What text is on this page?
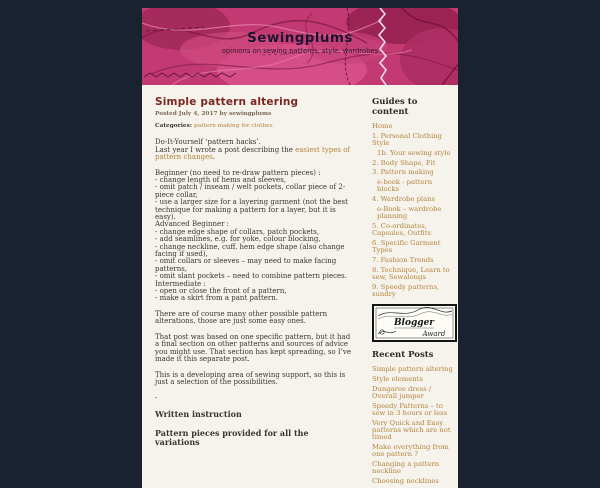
Sewingplums
opinions on sewing patterns, style, wardrobes
Simple pattern altering
Posted July 4, 2017 by sewingplums
Categories: pattern making for clothes

Do-It-Yourself ‘pattern hacks’.
Last year I wrote a post describing the easiest types of pattern changes.

Beginner (no need to re-draw pattern pieces) :
- change length of hems and sleeves,
- omit patch / inseam / welt pockets, collar piece of 2-piece collar,
- use a larger size for a layering garment (not the best technique for making a pattern for a layer, but it is easy).
Advanced Beginner :
- change edge shape of collars, patch pockets,
- add seamlines, e.g. for yoke, colour blocking,
- change neckline, cuff, hem edge shape (also change facing if used),
- omit collars or sleeves – may need to make facing patterns,
- omit slant pockets – need to combine pattern pieces.
Intermediate :
- open or close the front of a pattern,
- make a skirt from a pant pattern.

There are of course many other possible pattern alterations, those are just some easy ones.

That post was based on one specific pattern, but it had a final section on other patterns and sources of advice you might use. That section has kept spreading, so I’ve made it this separate post.

This is a developing area of sewing support, so this is just a selection of the possibilities.

-

Written instruction
Pattern pieces provided for all the variations
Guides to content
Home
1. Personal Clothing Style
1b. Your sewing style
2. Body Shape, Fit
3. Pattern making
e-book - pattern blocks
4. Wardrobe plans
e-Book – wardrobe planning
5. Co-ordinates, Capsules, Outfits
6. Specific Garment Types
7. Fashion Trends
8. Technique, Learn to sew, Sewalongs
9. Speedy patterns, sundry
Blogger
Award
Recent Posts
Simple pattern altering
Style elements
Dungaree dress / Overall jumper
Speedy Patterns – to sew in 3 hours or less
Very Quick and Easy patterns which are not timed
Make everything from one pattern ?
Changing a pattern neckline
Choosing necklines
